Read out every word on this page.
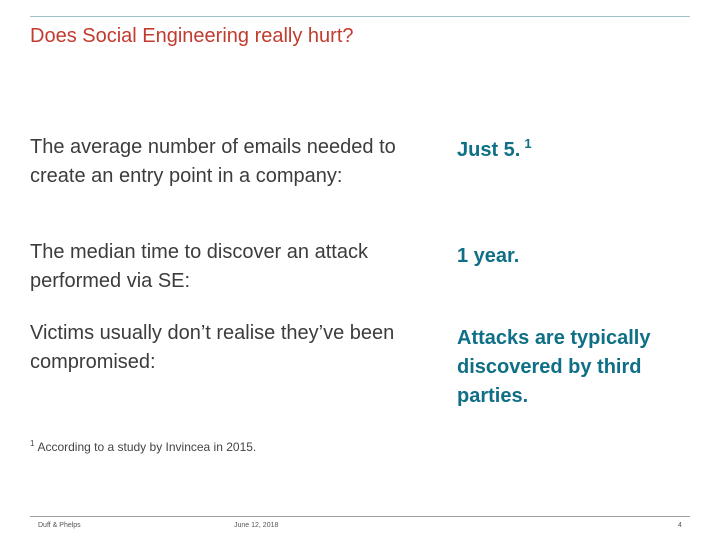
Does Social Engineering really hurt?
The average number of emails needed to create an entry point in a company:
Just 5. $^1$
The median time to discover an attack performed via SE:
1 year.
Victims usually don’t realise they’ve been compromised:
Attacks are typically discovered by third parties.
$^1$ According to a study by Invincea in 2015.
Duff & Phelps	June 12, 2018	4
